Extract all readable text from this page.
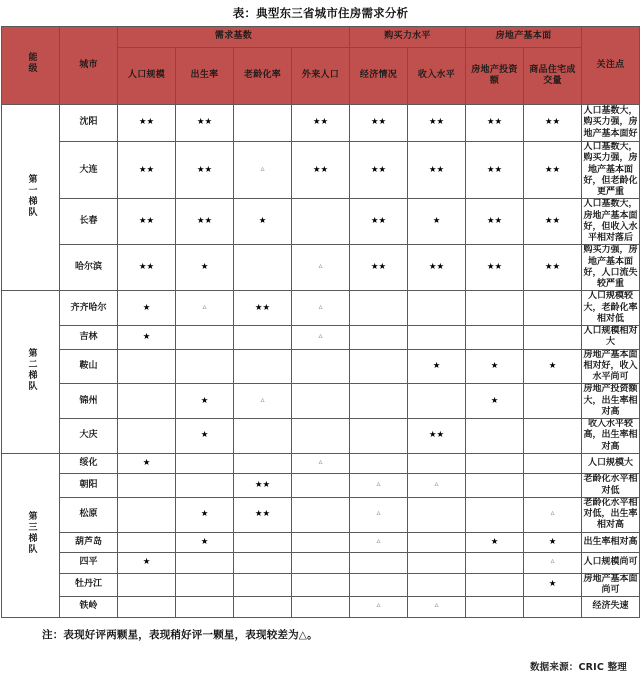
表：典型东三省城市住房需求分析
能级	城市	需求基数				购买力水平		房地产基本面		关注点
		人口规模	出生率	老龄化率	外来人口	经济情况	收入水平	房地产投资额	商品住宅成交量	
第一梯队	沈阳	★★	★★		★★	★★	★★	★★	★★	人口基数大，购买力强，房地产基本面好
	大连	★★	★★	△	★★	★★	★★	★★	★★	人口基数大，购买力强，房地产基本面好，但老龄化更严重
	长春	★★	★★	★		★★	★	★★	★★	人口基数大，房地产基本面好，但收入水平相对落后
	哈尔滨	★★	★		△	★★	★★	★★	★★	购买力强，房地产基本面好，人口流失较严重
第二梯队	齐齐哈尔	★	△	★★	△					人口规模较大，老龄化率相对低
	吉林	★			△					人口规模相对大
	鞍山						★	★	★	房地产基本面相对好，收入水平尚可
	锦州		★	△				★		房地产投资额大，出生率相对高
	大庆		★				★★			收入水平较高，出生率相对高
第三梯队	绥化	★			△					人口规模大
	朝阳			★★		△	△			老龄化水平相对低
	松原		★	★★		△			△	老龄化水平相对低，出生率相对高
	葫芦岛		★			△		★	★	出生率相对高
	四平	★							△	人口规模尚可
	牡丹江								★	房地产基本面尚可
	铁岭					△	△			经济失速
注：表现好评两颗星，表现稍好评一颗星，表现较差为△。
数据来源：CRIC 整理
